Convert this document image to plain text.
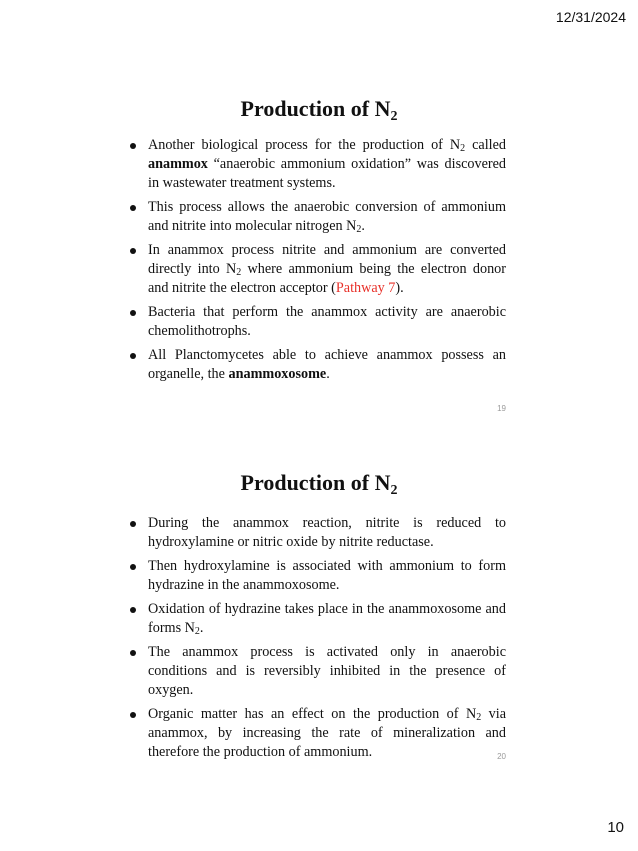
12/31/2024
Production of $N_2$
Another biological process for the production of $N_2$ called anammox “anaerobic ammonium oxidation” was discovered in wastewater treatment systems.
This process allows the anaerobic conversion of ammonium and nitrite into molecular nitrogen $N_2$.
In anammox process nitrite and ammonium are converted directly into $N_2$ where ammonium being the electron donor and nitrite the electron acceptor (Pathway 7).
Bacteria that perform the anammox activity are anaerobic chemolithotrophs.
All Planctomycetes able to achieve anammox possess an organelle, the anammoxosome.
19
Production of $N_2$
During the anammox reaction, nitrite is reduced to hydroxylamine or nitric oxide by nitrite reductase.
Then hydroxylamine is associated with ammonium to form hydrazine in the anammoxosome.
Oxidation of hydrazine takes place in the anammoxosome and forms $N_2$.
The anammox process is activated only in anaerobic conditions and is reversibly inhibited in the presence of oxygen.
Organic matter has an effect on the production of $N_2$ via anammox, by increasing the rate of mineralization and therefore the production of ammonium.	20
10
